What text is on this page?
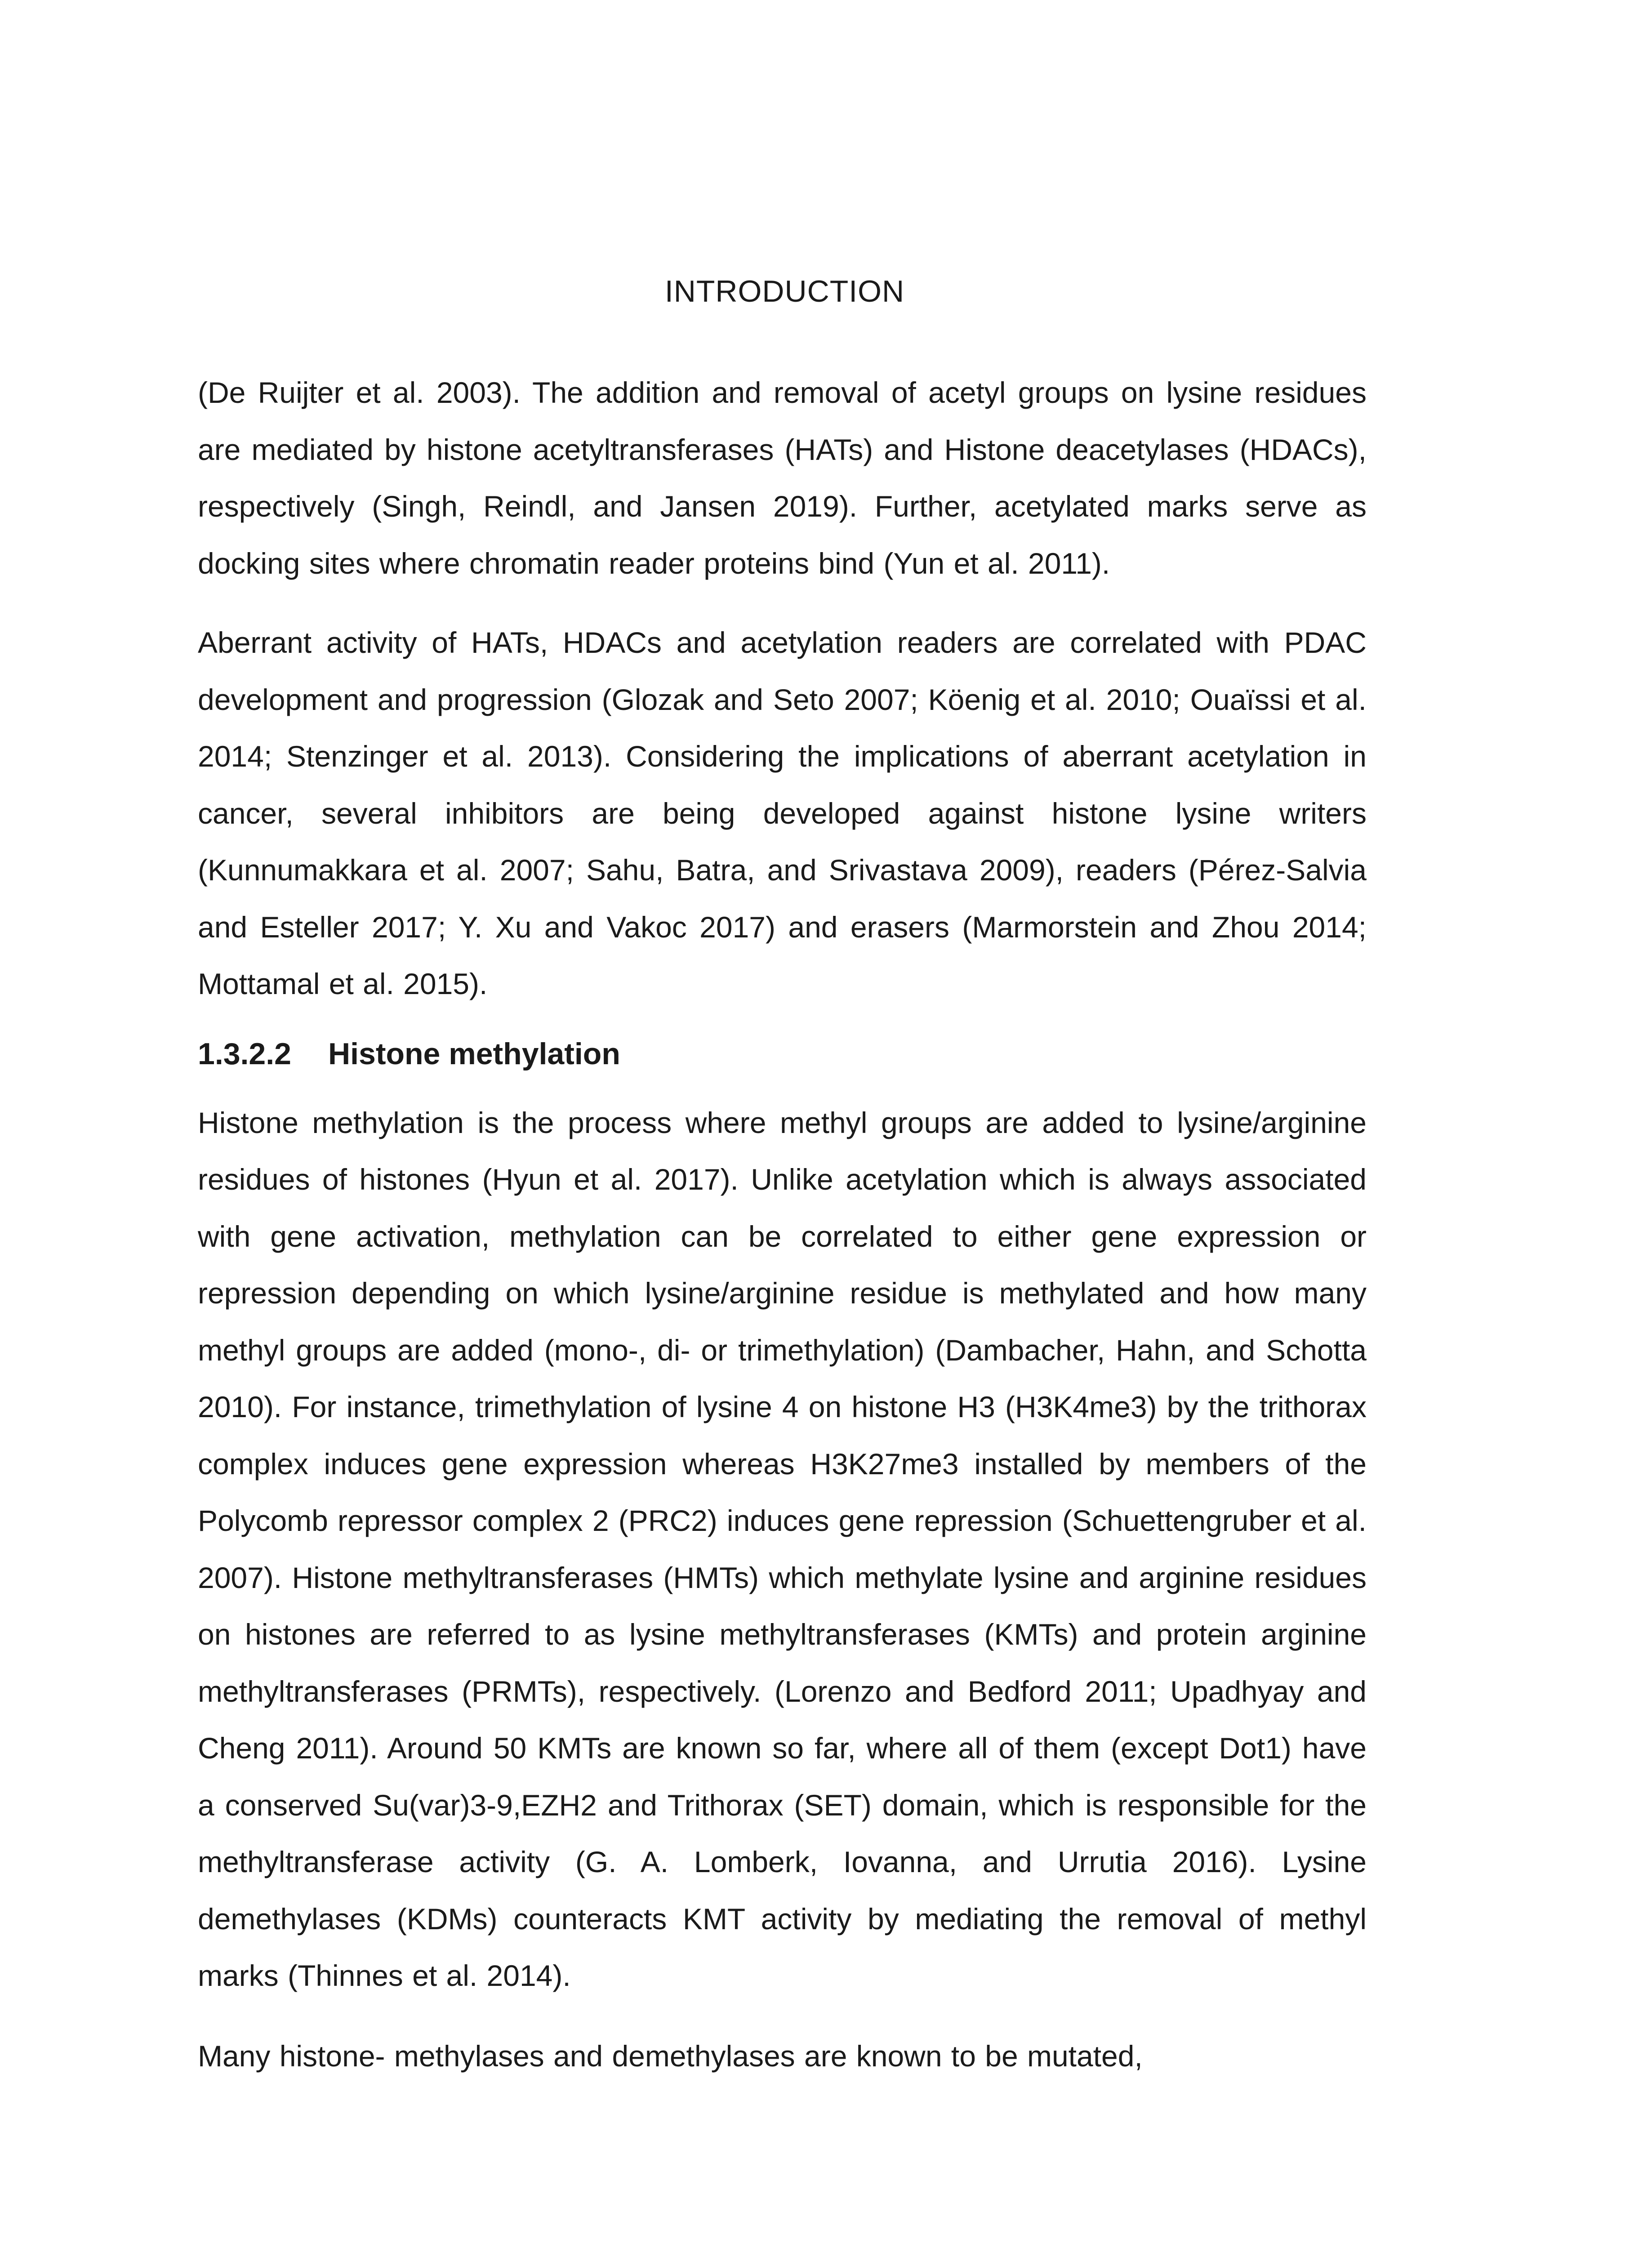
INTRODUCTION

(De Ruijter et al. 2003). The addition and removal of acetyl groups on lysine residues are mediated by histone acetyltransferases (HATs) and Histone deacetylases (HDACs), respectively (Singh, Reindl, and Jansen 2019). Further, acetylated marks serve as docking sites where chromatin reader proteins bind (Yun et al. 2011).

Aberrant activity of HATs, HDACs and acetylation readers are correlated with PDAC development and progression (Glozak and Seto 2007; Köenig et al. 2010; Ouaïssi et al. 2014; Stenzinger et al. 2013). Considering the implications of aberrant acetylation in cancer, several inhibitors are being developed against histone lysine writers (Kunnumakkara et al. 2007; Sahu, Batra, and Srivastava 2009), readers (Pérez-Salvia and Esteller 2017; Y. Xu and Vakoc 2017) and erasers (Marmorstein and Zhou 2014; Mottamal et al. 2015).

1.3.2.2	Histone methylation

Histone methylation is the process where methyl groups are added to lysine/arginine residues of histones (Hyun et al. 2017). Unlike acetylation which is always associated with gene activation, methylation can be correlated to either gene expression or repression depending on which lysine/arginine residue is methylated and how many methyl groups are added (mono-, di- or trimethylation) (Dambacher, Hahn, and Schotta 2010). For instance, trimethylation of lysine 4 on histone H3 (H3K4me3) by the trithorax complex induces gene expression whereas H3K27me3 installed by members of the Polycomb repressor complex 2 (PRC2) induces gene repression (Schuettengruber et al. 2007). Histone methyltransferases (HMTs) which methylate lysine and arginine residues on histones are referred to as lysine methyltransferases (KMTs) and protein arginine methyltransferases (PRMTs), respectively. (Lorenzo and Bedford 2011; Upadhyay and Cheng 2011). Around 50 KMTs are known so far, where all of them (except Dot1) have a conserved Su(var)3-9,EZH2 and Trithorax (SET) domain, which is responsible for the methyltransferase activity (G. A. Lomberk, Iovanna, and Urrutia 2016). Lysine demethylases (KDMs) counteracts KMT activity by mediating the removal of methyl marks (Thinnes et al. 2014).

Many histone- methylases and demethylases are known to be mutated,
